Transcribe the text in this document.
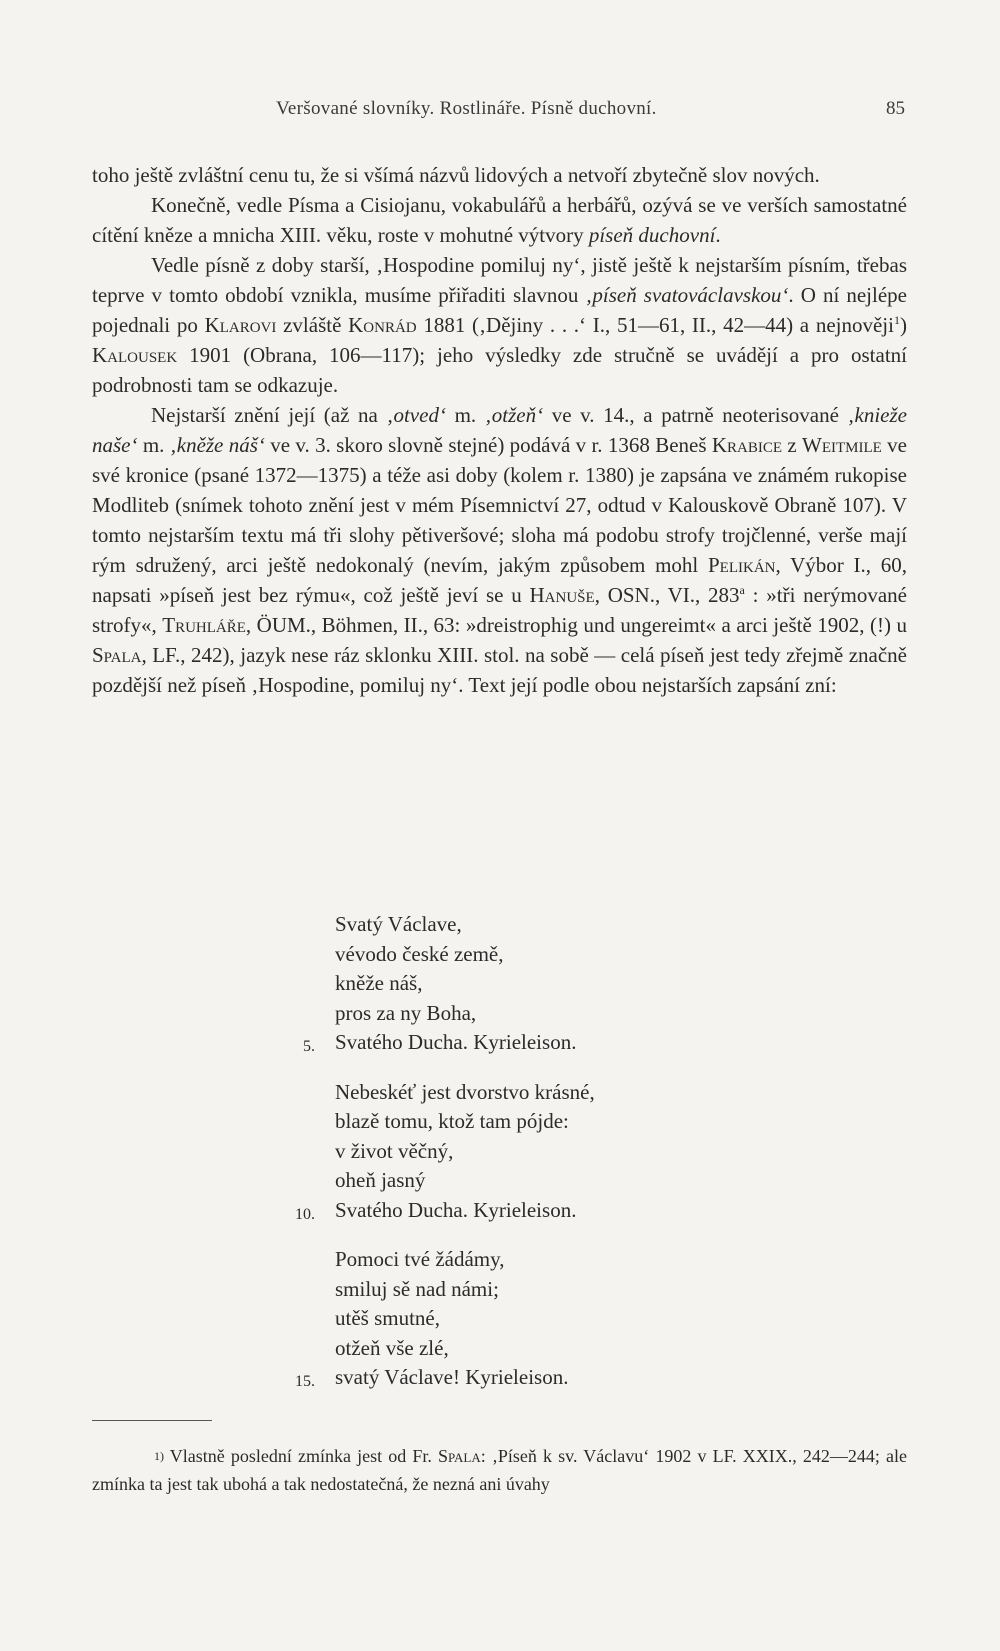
Veršované slovníky. Rostlináře. Písně duchovní.	85

toho ještě zvláštní cenu tu, že si všímá názvů lidových a netvoří zbytečně slov nových.

Konečně, vedle Písma a Cisiojanu, vokabulářů a herbářů, ozývá se ve verších samostatné cítění kněze a mnicha XIII. věku, roste v mohutné výtvory píseň duchovní.

Vedle písně z doby starší, ‚Hospodine pomiluj ny‘, jistě ještě k nejstarším písním, třebas teprve v tomto období vznikla, musíme přiřaditi slavnou ‚píseň svatováclavskou‘. O ní nejlépe pojednali po Klarovi zvláště Konrád 1881 (‚Dějiny . . .‘ I., 51—61, II., 42—44) a nejnověji$^1$) Kalousek 1901 (Obrana, 106—117); jeho výsledky zde stručně se uvádějí a pro ostatní podrobnosti tam se odkazuje.

Nejstarší znění její (až na ‚otved‘ m. ‚otžeň‘ ve v. 14., a patrně neoterisované ‚knieže naše‘ m. ‚kněže náš‘ ve v. 3. skoro slovně stejné) podává v r. 1368 Beneš Krabice z Weitmile ve své kronice (psané 1372—1375) a téže asi doby (kolem r. 1380) je zapsána ve známém rukopise Modliteb (snímek tohoto znění jest v mém Písemnictví 27, odtud v Kalouskově Obraně 107). V tomto nejstarším textu má tři slohy pětiveršové; sloha má podobu strofy trojčlenné, verše mají rým sdružený, arci ještě nedokonalý (nevím, jakým způsobem mohl Pelikán, Výbor I., 60, napsati »píseň jest bez rýmu«, což ještě jeví se u Hanuše, OSN., VI., 283$^a$ : »tři nerýmované strofy«, Truhláře, ÖUM., Böhmen, II., 63: »dreistrophig und ungereimt« a arci ještě 1902, (!) u Spala, LF., 242), jazyk nese ráz sklonku XIII. stol. na sobě — celá píseň jest tedy zřejmě značně pozdější než píseň ‚Hospodine, pomiluj ny‘. Text její podle obou nejstarších zapsání zní:

Svatý Václave,
vévodo české země,
kněže náš,
pros za ny Boha,
5. Svatého Ducha. Kyrieleison.
Nebeskéť jest dvorstvo krásné,
blazě tomu, ktož tam pójde:
v život věčný,
oheň jasný
10. Svatého Ducha. Kyrieleison.
Pomoci tvé žádámy,
smiluj sě nad námi;
utěš smutné,
otžeň vše zlé,
15. svatý Václave! Kyrieleison.
$^{1)}$ Vlastně poslední zmínka jest od Fr. Spala: ‚Píseň k sv. Václavu‘ 1902 v LF. XXIX., 242—244; ale zmínka ta jest tak ubohá a tak nedostatečná, že nezná ani úvahy
